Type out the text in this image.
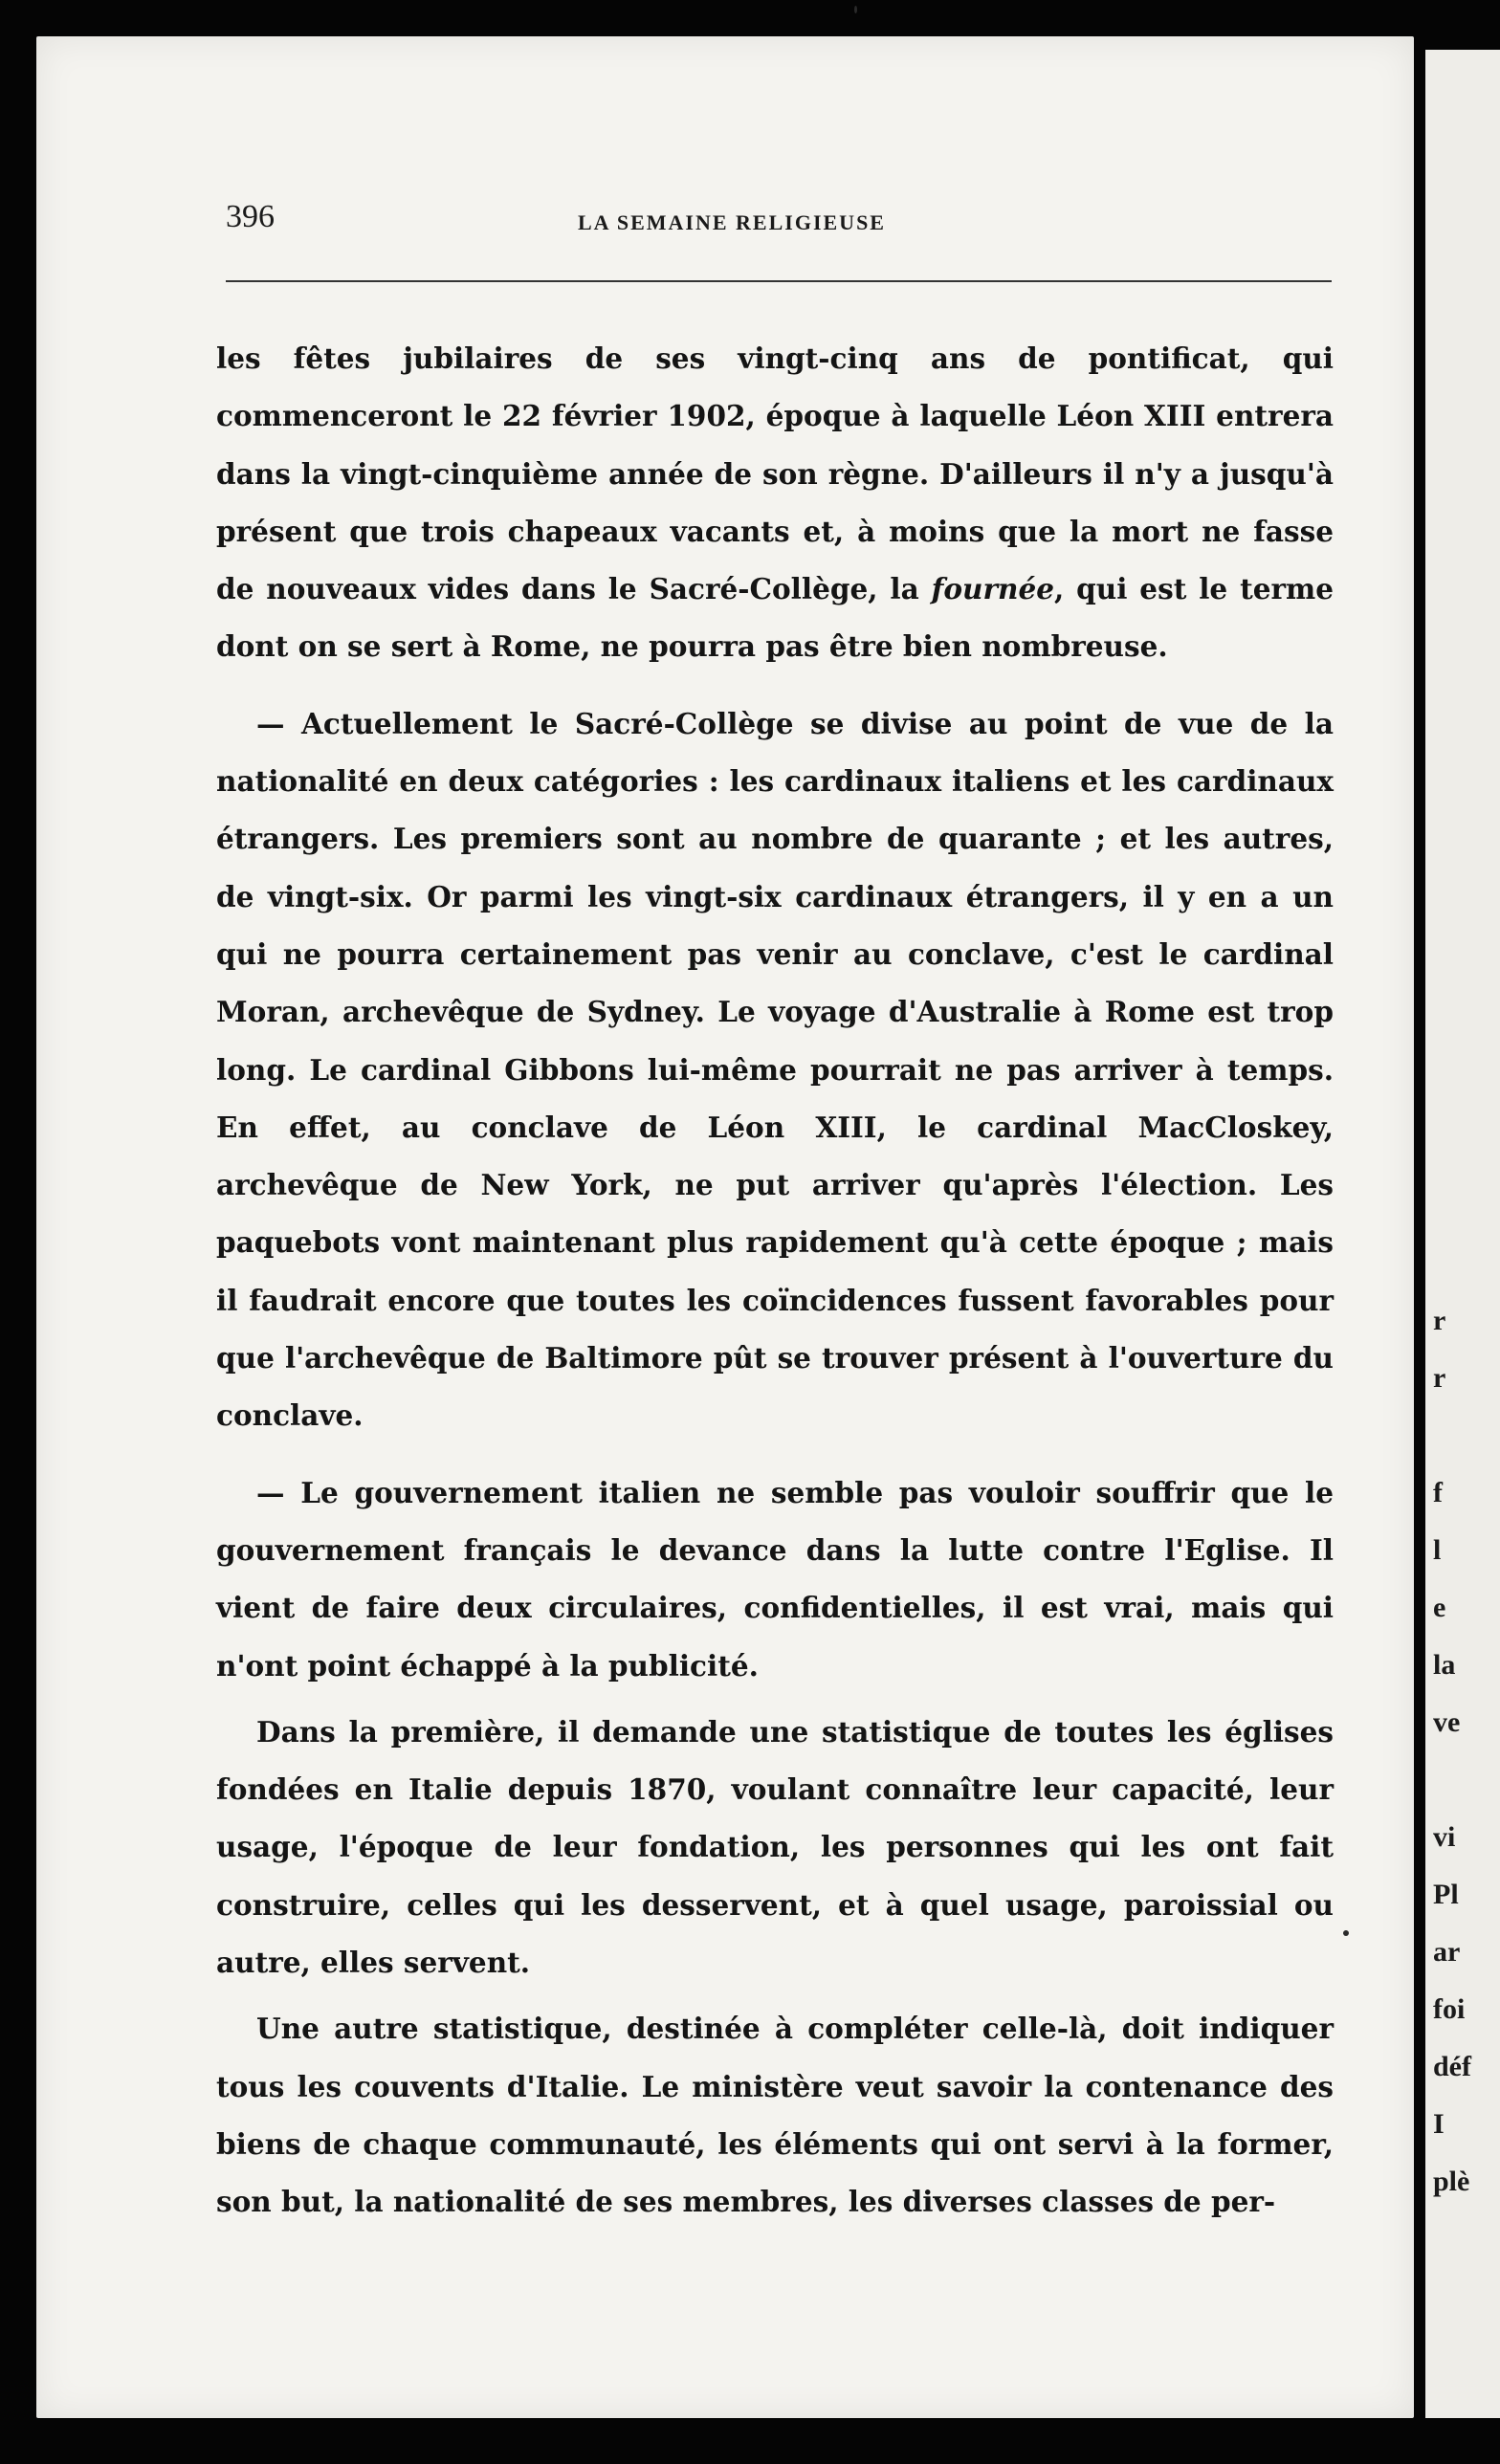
r
r
f
l
e
la
ve
vi
Pl
ar
foi
déf
I
plè
396	LA SEMAINE RELIGIEUSE

les fêtes jubilaires de ses vingt-cinq ans de pontificat, qui commenceront le 22 février 1902, époque à laquelle Léon XIII entrera dans la vingt-cinquième année de son règne. D'ailleurs il n'y a jusqu'à présent que trois chapeaux vacants et, à moins que la mort ne fasse de nouveaux vides dans le Sacré-Collège, la fournée, qui est le terme dont on se sert à Rome, ne pourra pas être bien nombreuse.

— Actuellement le Sacré-Collège se divise au point de vue de la nationalité en deux catégories : les cardinaux italiens et les cardinaux étrangers. Les premiers sont au nombre de quarante ; et les autres, de vingt-six. Or parmi les vingt-six cardinaux étrangers, il y en a un qui ne pourra certainement pas venir au conclave, c'est le cardinal Moran, archevêque de Sydney. Le voyage d'Australie à Rome est trop long. Le cardinal Gibbons lui-même pourrait ne pas arriver à temps. En effet, au conclave de Léon XIII, le cardinal MacCloskey, archevêque de New York, ne put arriver qu'après l'élection. Les paquebots vont maintenant plus rapidement qu'à cette époque ; mais il faudrait encore que toutes les coïncidences fussent favorables pour que l'archevêque de Baltimore pût se trouver présent à l'ouverture du conclave.

— Le gouvernement italien ne semble pas vouloir souffrir que le gouvernement français le devance dans la lutte contre l'Eglise. Il vient de faire deux circulaires, confidentielles, il est vrai, mais qui n'ont point échappé à la publicité.

Dans la première, il demande une statistique de toutes les églises fondées en Italie depuis 1870, voulant connaître leur capacité, leur usage, l'époque de leur fondation, les personnes qui les ont fait construire, celles qui les desservent, et à quel usage, paroissial ou autre, elles servent.

Une autre statistique, destinée à compléter celle-là, doit indiquer tous les couvents d'Italie. Le ministère veut savoir la contenance des biens de chaque communauté, les éléments qui ont servi à la former, son but, la nationalité de ses membres, les diverses classes de per-
